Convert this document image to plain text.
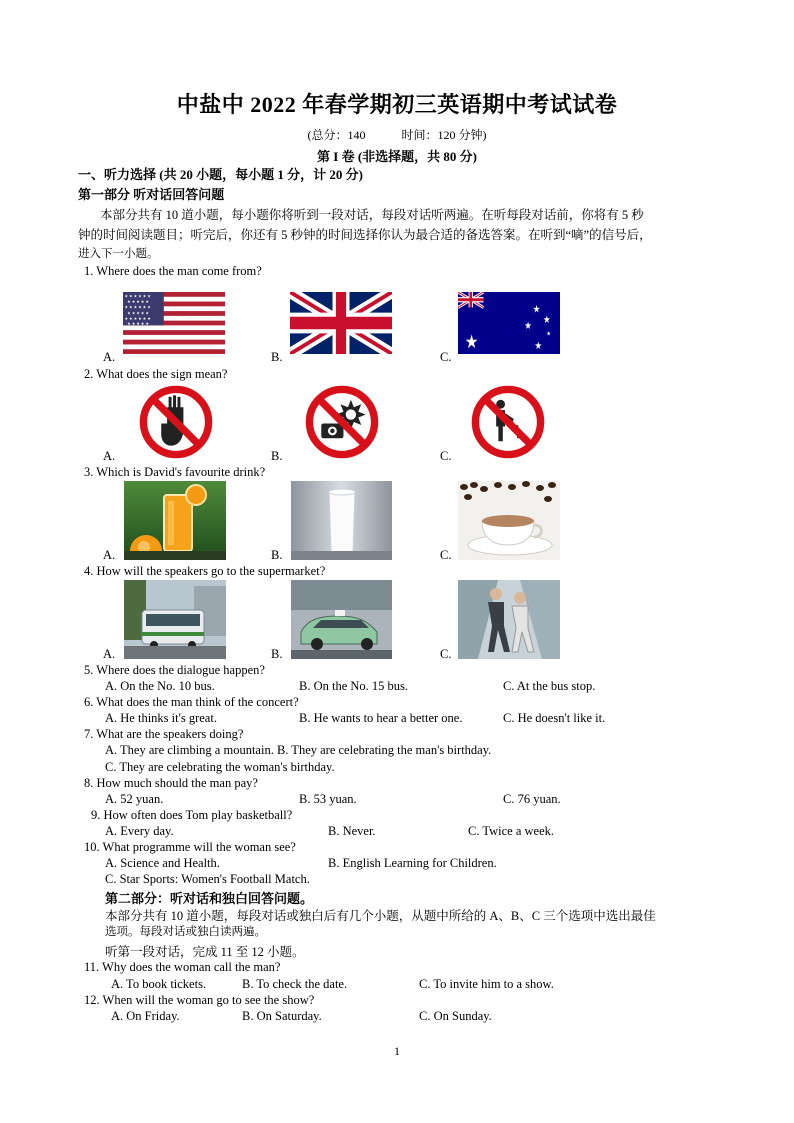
中盐中 2022 年春学期初三英语期中考试试卷
(总分：140	时间：120 分钟)
第 I 卷 (非选择题，共 80 分)
一、听力选择 (共 20 小题，每小题 1 分，计 20 分)
第一部分 听对话回答问题
本部分共有 10 道小题，每小题你将听到一段对话，每段对话听两遍。在听每段对话前，你将有 5 秒
钟的时间阅读题目；听完后，你还有 5 秒钟的时间选择你认为最合适的备选答案。在听到“嘀”的信号后，
进入下一小题。
1. Where does the man come from?
★ ★ ★ ★ ★ ★
★ ★ ★ ★ ★
★ ★ ★ ★ ★ ★
★ ★ ★ ★ ★
★ ★ ★ ★ ★ ★
★ ★ ★ ★ ★
★
★
★
★
★
★
A.	B.	C.
2. What does the sign mean?
A.	B.	C.
3. Which is David's favourite drink?
A.	B.	C.
4. How will the speakers go to the supermarket?
A.	B.	C.
5. Where does the dialogue happen?
A. On the No. 10 bus.	B. On the No. 15 bus.	C. At the bus stop.
6. What does the man think of the concert?
A. He thinks it's great.	B. He wants to hear a better one.	C. He doesn't like it.
7. What are the speakers doing?
A. They are climbing a mountain. B. They are celebrating the man's birthday.
C. They are celebrating the woman's birthday.
8. How much should the man pay?
A. 52 yuan.	B. 53 yuan.	C. 76 yuan.
9. How often does Tom play basketball?
A. Every day.	B. Never.	C. Twice a week.
10. What programme will the woman see?
A. Science and Health.	B. English Learning for Children.
C. Star Sports: Women's Football Match.
第二部分：听对话和独白回答问题。
本部分共有 10 道小题，每段对话或独白后有几个小题，从题中所给的 A、B、C 三个选项中选出最佳
选项。每段对话或独白读两遍。
听第一段对话，完成 11 至 12 小题。
11. Why does the woman call the man?
A. To book tickets.	B. To check the date.	C. To invite him to a show.
12. When will the woman go to see the show?
A. On Friday.	B. On Saturday.	C. On Sunday.
1
